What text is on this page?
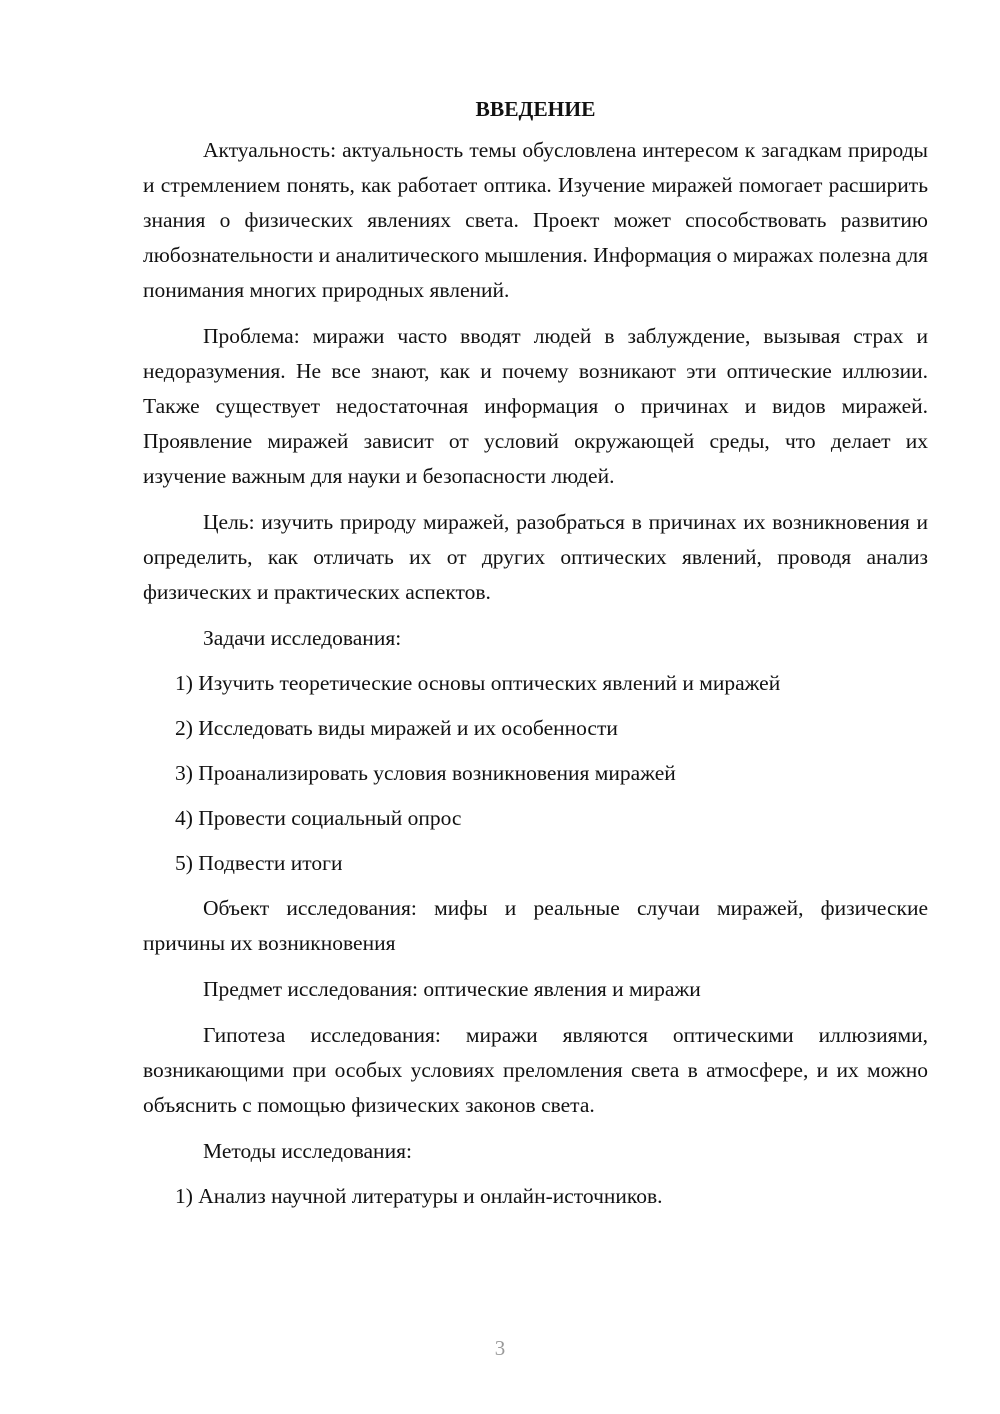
ВВЕДЕНИЕ

Актуальность: актуальность темы обусловлена интересом к загадкам природы и стремлением понять, как работает оптика. Изучение миражей помогает расширить знания о физических явлениях света. Проект может способствовать развитию любознательности и аналитического мышления. Информация о миражах полезна для понимания многих природных явлений.

Проблема: миражи часто вводят людей в заблуждение, вызывая страх и недоразумения. Не все знают, как и почему возникают эти оптические иллюзии. Также существует недостаточная информация о причинах и видов миражей. Проявление миражей зависит от условий окружающей среды, что делает их изучение важным для науки и безопасности людей.

Цель: изучить природу миражей, разобраться в причинах их возникновения и определить, как отличать их от других оптических явлений, проводя анализ физических и практических аспектов.

Задачи исследования:

1) Изучить теоретические основы оптических явлений и миражей
2) Исследовать виды миражей и их особенности
3) Проанализировать условия возникновения миражей
4) Провести социальный опрос
5) Подвести итоги

Объект исследования: мифы и реальные случаи миражей, физические причины их возникновения

Предмет исследования: оптические явления и миражи

Гипотеза исследования: миражи являются оптическими иллюзиями, возникающими при особых условиях преломления света в атмосфере, и их можно объяснить с помощью физических законов света.

Методы исследования:

1) Анализ научной литературы и онлайн-источников.
3
